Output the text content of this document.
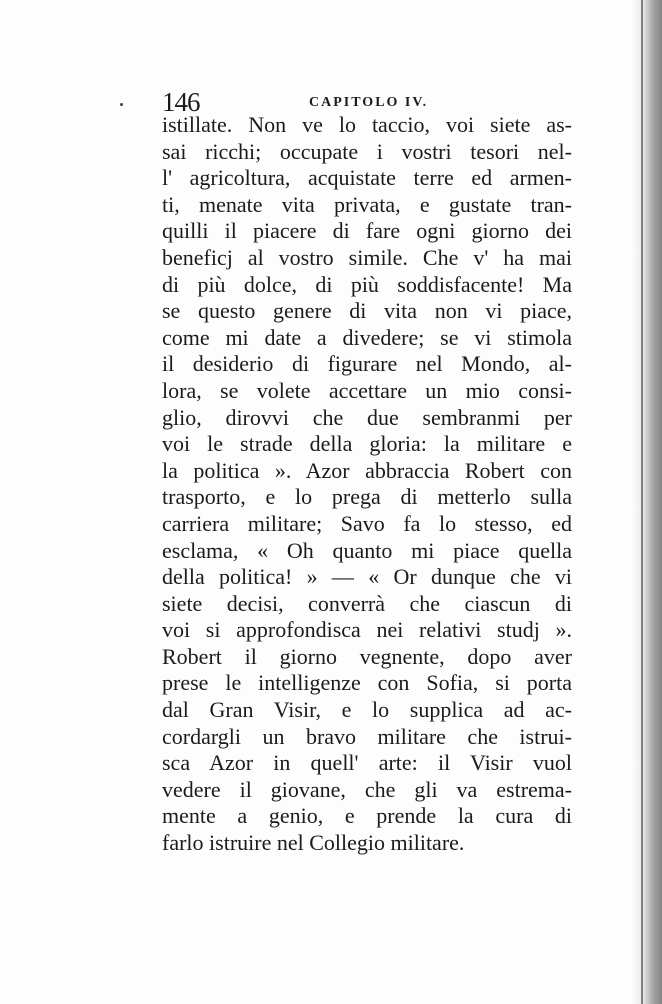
146	CAPITOLO IV.
istillate. Non ve lo taccio, voi siete as-
sai ricchi; occupate i vostri tesori nel-
l' agricoltura, acquistate terre ed armen-
ti, menate vita privata, e gustate tran-
quilli il piacere di fare ogni giorno dei
beneficj al vostro simile. Che v' ha mai
di più dolce, di più soddisfacente! Ma
se questo genere di vita non vi piace,
come mi date a divedere; se vi stimola
il desiderio di figurare nel Mondo, al-
lora, se volete accettare un mio consi-
glio, dirovvi che due sembranmi per
voi le strade della gloria: la militare e
la politica ». Azor abbraccia Robert con
trasporto, e lo prega di metterlo sulla
carriera militare; Savo fa lo stesso, ed
esclama, « Oh quanto mi piace quella
della politica! » — « Or dunque che vi
siete decisi, converrà che ciascun di
voi si approfondisca nei relativi studj ».
Robert il giorno vegnente, dopo aver
prese le intelligenze con Sofia, si porta
dal Gran Visir, e lo supplica ad ac-
cordargli un bravo militare che istrui-
sca Azor in quell' arte: il Visir vuol
vedere il giovane, che gli va estrema-
mente a genio, e prende la cura di
farlo istruire nel Collegio militare.
